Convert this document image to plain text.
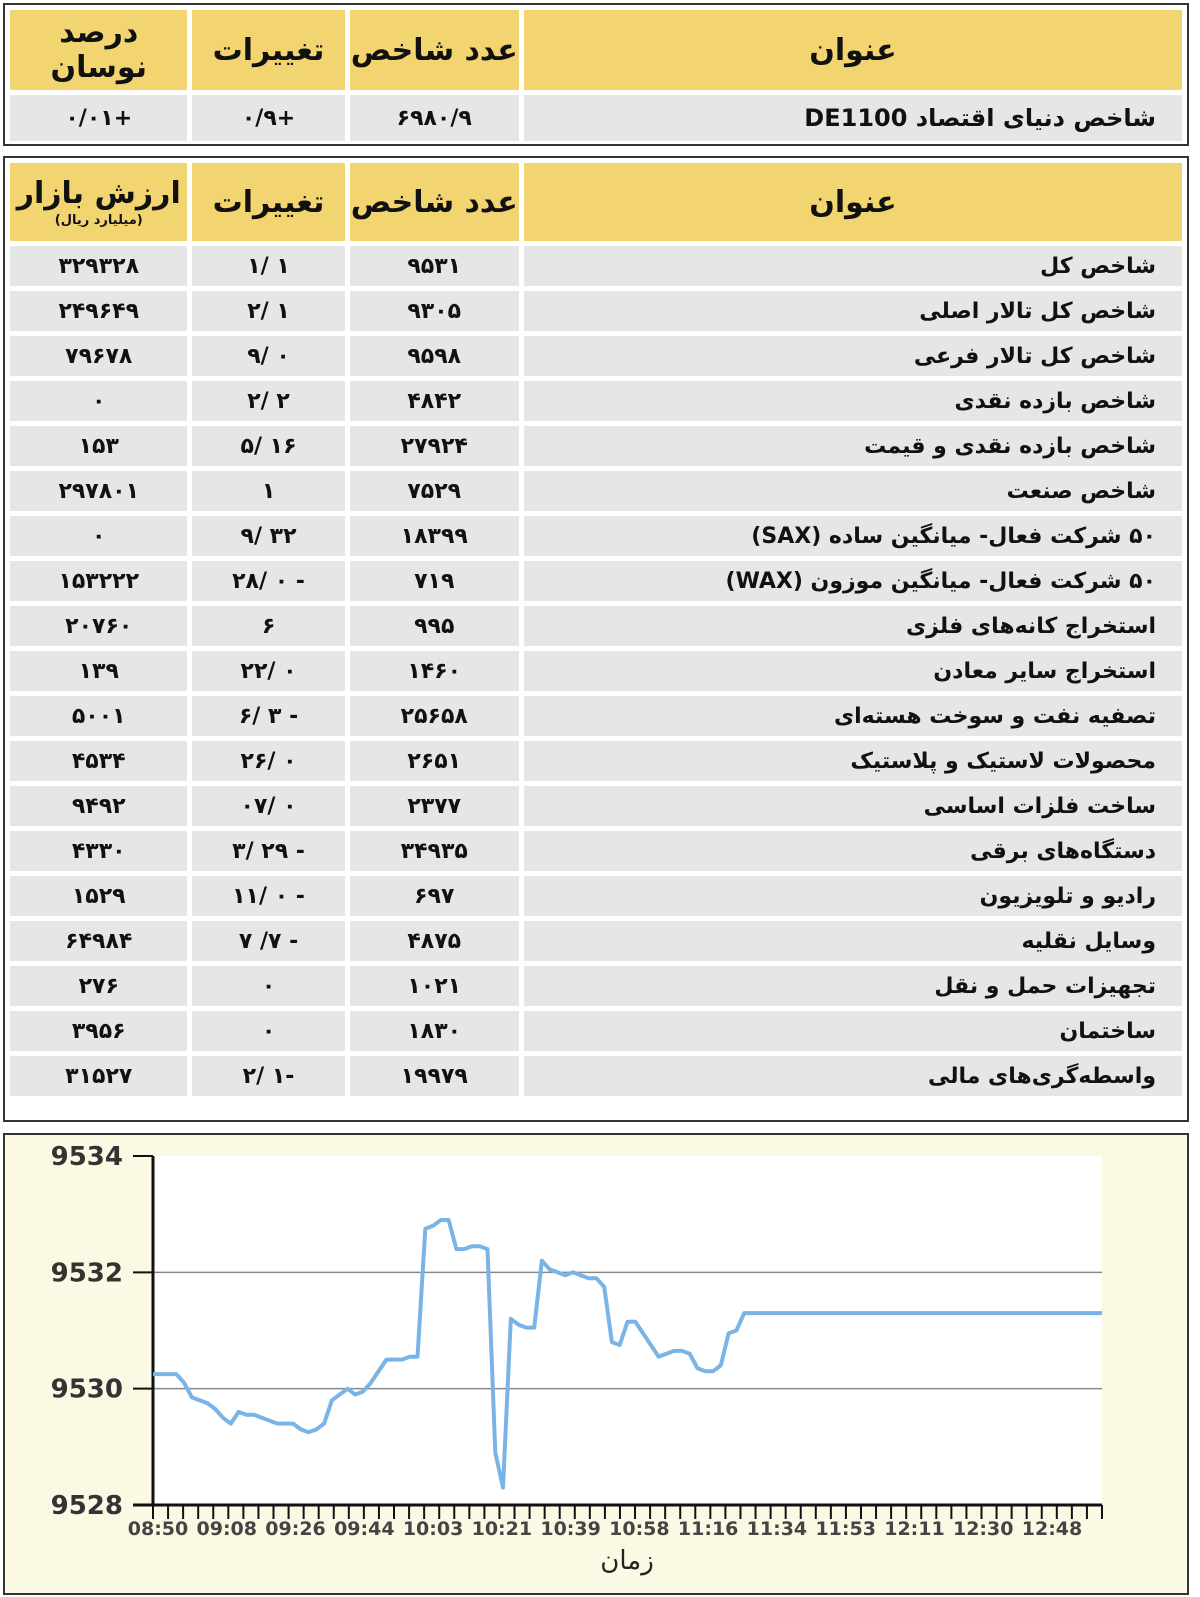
عنوان	عدد شاخص	تغییرات	درصد نوسان
شاخص دنیای اقتصاد DE1100	۶۹۸۰/۹	+۰/۹	+۰/۰۱
عنوان	عدد شاخص	تغییرات	ارزش بازار
(میلیارد ریال)

شاخص کل	۹۵۳۱	۱ /۱	۳۲۹۳۲۸
شاخص کل تالار اصلی	۹۳۰۵	۱ /۲	۲۴۹۶۴۹
شاخص کل تالار فرعی	۹۵۹۸	۰ /۹	۷۹۶۷۸
شاخص بازده نقدی	۴۸۴۲	۲ /۲	۰
شاخص بازده نقدی و قیمت	۲۷۹۲۴	۱۶ /۵	۱۵۳
شاخص صنعت	۷۵۲۹	۱	۲۹۷۸۰۱
۵۰ شرکت فعال- میانگین ساده (SAX)	۱۸۳۹۹	۳۲ /۹	۰
۵۰ شرکت فعال- میانگین موزون (WAX)	۷۱۹	- ۰ /۲۸	۱۵۳۲۲۲
استخراج کانه‌های فلزی	۹۹۵	۶	۲۰۷۶۰
استخراج سایر معادن	۱۴۶۰	۰ /۲۲	۱۳۹
تصفیه نفت و سوخت هسته‌ای	۲۵۶۵۸	- ۳ /۶	۵۰۰۱
محصولات لاستیک و پلاستیک	۲۶۵۱	۰ /۲۶	۴۵۳۴
ساخت فلزات اساسی	۲۳۷۷	۰ /۰۷	۹۴۹۲
دستگاه‌های برقی	۳۴۹۳۵	- ۲۹ /۳	۴۳۳۰
رادیو و تلویزیون	۶۹۷	- ۰ /۱۱	۱۵۲۹
وسایل نقلیه	۴۸۷۵	- ۷/ ۷	۶۴۹۸۴
تجهیزات حمل و نقل	۱۰۲۱	۰	۲۷۶
ساختمان	۱۸۳۰	۰	۳۹۵۶
واسطه‌گری‌های مالی	۱۹۹۷۹	-۱ /۲	۳۱۵۲۷
9534
9532
9530
9528
08:50 09:08 09:26 09:44 10:03 10:21 10:39 10:58 11:16 11:34 11:53 12:11 12:30 12:48
زمان
